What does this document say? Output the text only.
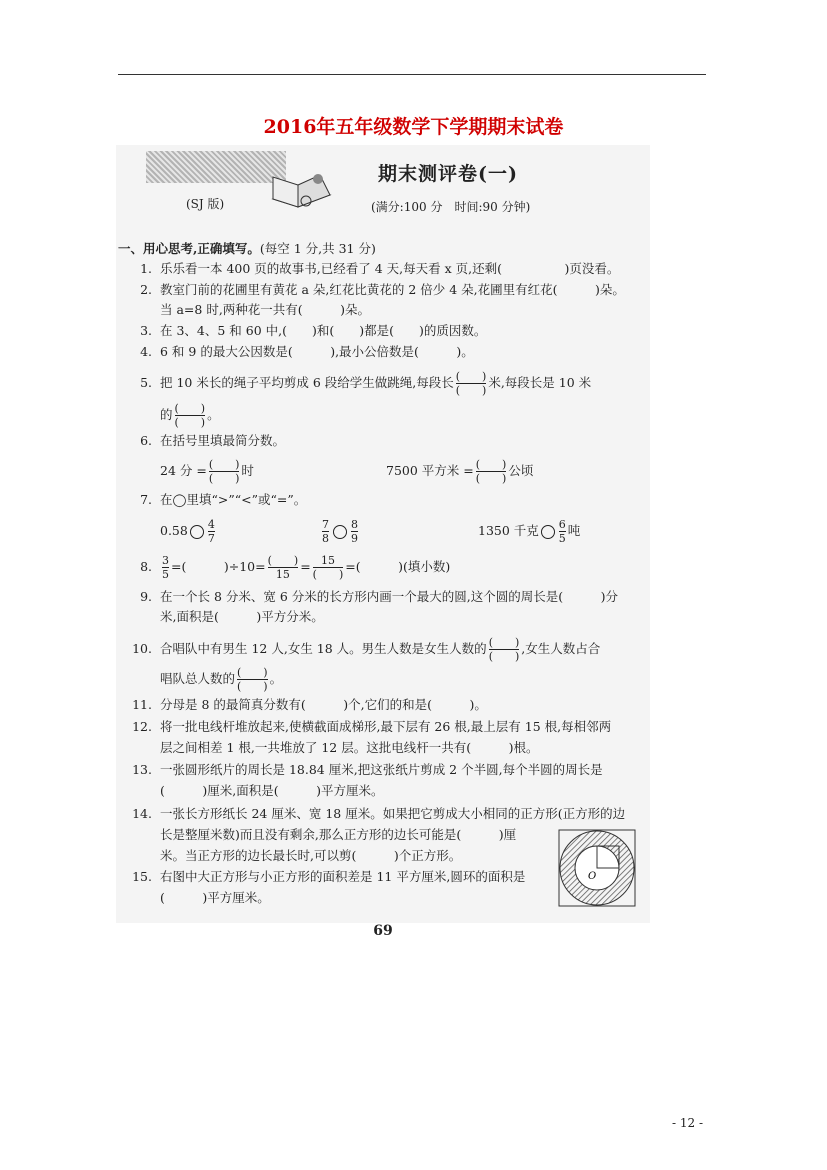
2016年五年级数学下学期期末试卷
期末测评卷(一)
(SJ 版)	(满分:100 分　时间:90 分钟)
一、用心思考,正确填写。(每空 1 分,共 31 分)
1. 乐乐看一本 400 页的故事书,已经看了 4 天,每天看 x 页,还剩(　　　　　)页没看。
2. 教室门前的花圃里有黄花 a 朵,红花比黄花的 2 倍少 4 朵,花圃里有红花(　　　)朵。
当 a=8 时,两种花一共有(　　　)朵。
3. 在 3、4、5 和 60 中,(　　)和(　　)都是(　　)的质因数。
4. 6 和 9 的最大公因数是(　　　),最小公倍数是(　　　)。
5. 把 10 米长的绳子平均剪成 6 段给学生做跳绳,每段长 $\frac{( )}{( )}$ 米,每段长是 10 米
的 $\frac{( )}{( )}$ 。
6. 在括号里填最简分数。
24 分 = $\frac{( )}{( )}$ 时	7500 平方米 = $\frac{( )}{( )}$ 公顷
7. 在◯里填“>”“<”或“=”。
$0.58 \frac{4}{7}$	$\frac{7}{8} \frac{8}{9}$	1350 千克 $\frac{6}{5}$ 吨
8. $\frac{3}{5}$ =(　　　)$\div 10= \frac{( )}{15} = \frac{15}{( )}$ =(　　　)(填小数)
9. 在一个长 8 分米、宽 6 分米的长方形内画一个最大的圆,这个圆的周长是(　　　)分
米,面积是(　　　)平方分米。
10. 合唱队中有男生 12 人,女生 18 人。男生人数是女生人数的 $\frac{( )}{( )}$ ,女生人数占合
唱队总人数的 $\frac{( )}{( )}$ 。
11. 分母是 8 的最简真分数有(　　　)个,它们的和是(　　　)。
12. 将一批电线杆堆放起来,使横截面成梯形,最下层有 26 根,最上层有 15 根,每相邻两
层之间相差 1 根,一共堆放了 12 层。这批电线杆一共有(　　　)根。
13. 一张圆形纸片的周长是 18.84 厘米,把这张纸片剪成 2 个半圆,每个半圆的周长是
(　　　)厘米,面积是(　　　)平方厘米。
14. 一张长方形纸长 24 厘米、宽 18 厘米。如果把它剪成大小相同的正方形(正方形的边
长是整厘米数)而且没有剩余,那么正方形的边长可能是(　　　)厘
米。当正方形的边长最长时,可以剪(　　　)个正方形。
15. 右图中大正方形与小正方形的面积差是 11 平方厘米,圆环的面积是
(　　　)平方厘米。
O
69
- 12 -
